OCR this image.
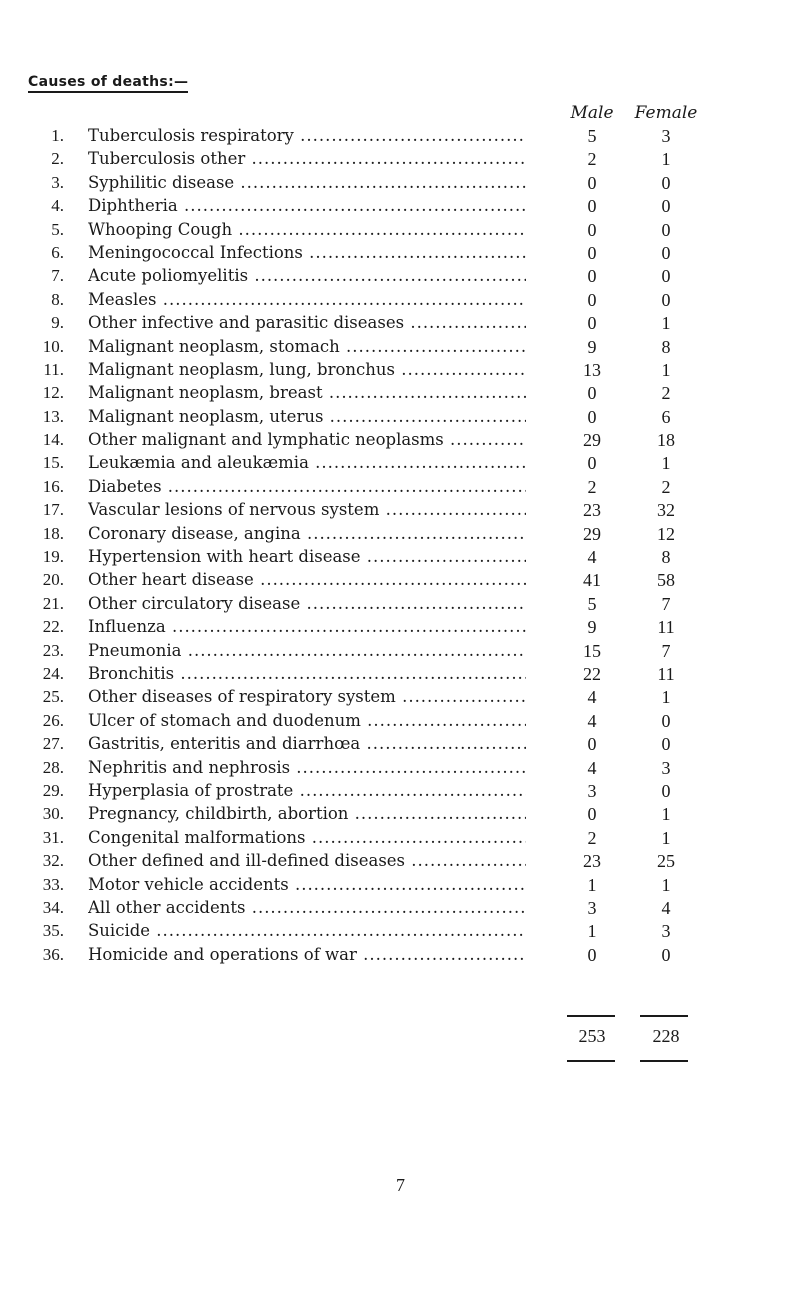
Causes of deaths:—
Male	Female
1. Tuberculosis respiratory .....	5	3
2. Tuberculosis other .....	2	1
3. Syphilitic disease .....	0	0
4. Diphtheria .....	0	0
5. Whooping Cough .....	0	0
6. Meningococcal Infections .....	0	0
7. Acute poliomyelitis .....	0	0
8. Measles .....	0	0
9. Other infective and parasitic diseases .....	0	1
10. Malignant neoplasm, stomach .....	9	8
11. Malignant neoplasm, lung, bronchus .....	13	1
12. Malignant neoplasm, breast .....	0	2
13. Malignant neoplasm, uterus .....	0	6
14. Other malignant and lymphatic neoplasms .....	29	18
15. Leukæmia and aleukæmia .....	0	1
16. Diabetes .....	2	2
17. Vascular lesions of nervous system .....	23	32
18. Coronary disease, angina .....	29	12
19. Hypertension with heart disease .....	4	8
20. Other heart disease .....	41	58
21. Other circulatory disease .....	5	7
22. Influenza .....	9	11
23. Pneumonia .....	15	7
24. Bronchitis .....	22	11
25. Other diseases of respiratory system .....	4	1
26. Ulcer of stomach and duodenum .....	4	0
27. Gastritis, enteritis and diarrhœa .....	0	0
28. Nephritis and nephrosis .....	4	3
29. Hyperplasia of prostrate .....	3	0
30. Pregnancy, childbirth, abortion .....	0	1
31. Congenital malformations .....	2	1
32. Other defined and ill-defined diseases .....	23	25
33. Motor vehicle accidents .....	1	1
34. All other accidents .....	3	4
35. Suicide .....	1	3
36. Homicide and operations of war .....	0	0
253	228
7
